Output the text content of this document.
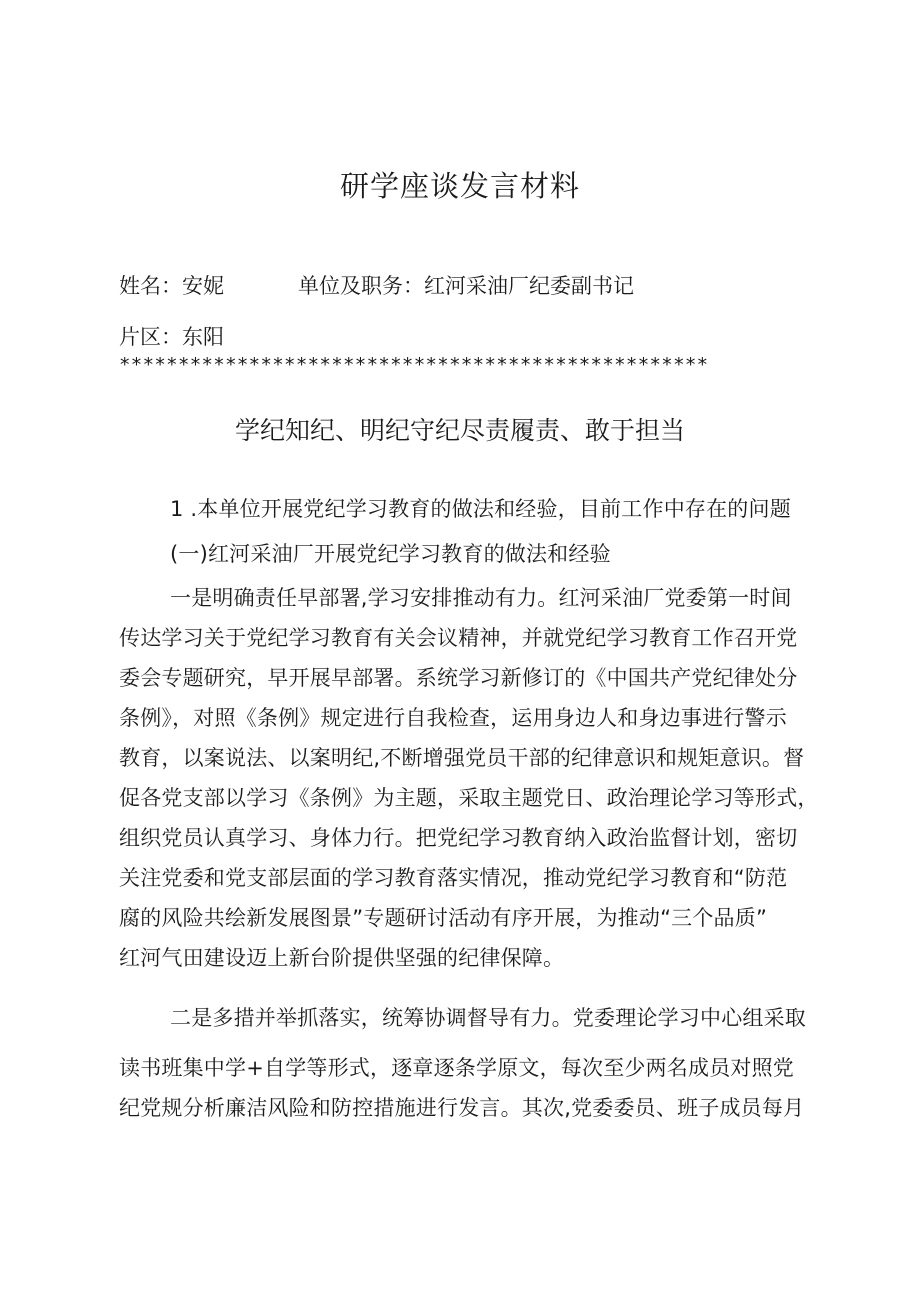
研学座谈发言材料
姓名：安妮	单位及职务：红河采油厂纪委副书记
片区：东阳
**************************************************
学纪知纪、明纪守纪尽责履责、敢于担当
1 .本单位开展党纪学习教育的做法和经验，目前工作中存在的问题
(一)红河采油厂开展党纪学习教育的做法和经验
一是明确责任早部署,学习安排推动有力。红河采油厂党委第一时间
传达学习关于党纪学习教育有关会议精神，并就党纪学习教育工作召开党
委会专题研究，早开展早部署。系统学习新修订的《中国共产党纪律处分
条例》，对照《条例》规定进行自我检查，运用身边人和身边事进行警示
教育，以案说法、以案明纪,不断增强党员干部的纪律意识和规矩意识。督
促各党支部以学习《条例》为主题，采取主题党日、政治理论学习等形式，
组织党员认真学习、身体力行。把党纪学习教育纳入政治监督计划，密切
关注党委和党支部层面的学习教育落实情况，推动党纪学习教育和“防范
腐的风险共绘新发展图景”专题研讨活动有序开展，为推动“三个品质”
红河气田建设迈上新台阶提供坚强的纪律保障。
二是多措并举抓落实，统筹协调督导有力。党委理论学习中心组采取
读书班集中学+自学等形式，逐章逐条学原文，每次至少两名成员对照党
纪党规分析廉洁风险和防控措施进行发言。其次,党委委员、班子成员每月
